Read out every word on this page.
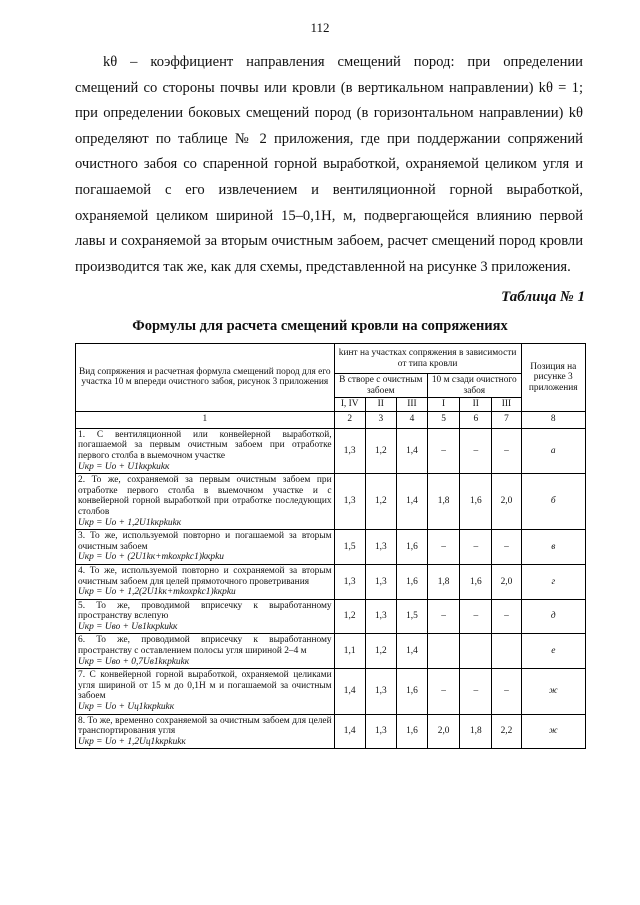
112

kθ – коэффициент направления смещений пород: при определении смещений со стороны почвы или кровли (в вертикальном направлении) kθ = 1; при определении боковых смещений пород (в горизонтальном направлении) kθ определяют по таблице № 2 приложения, где при поддержании сопряжений очистного забоя со спаренной горной выработкой, охраняемой целиком угля и погашаемой с его извлечением и вентиляционной горной выработкой, охраняемой целиком шириной 15–0,1H, м, подвергающейся влиянию первой лавы и сохраняемой за вторым очистным забоем, расчет смещений пород кровли производится так же, как для схемы, представленной на рисунке 3 приложения.

Таблица № 1
Формулы для расчета смещений кровли на сопряжениях
Вид сопряжения и расчетная формула смещений пород для его участка 10 м впереди очистного забоя, рисунок 3 приложения	kинт на участках сопряжения в зависимости от типа кровли						Позиция на рисунке 3 приложения
	В створе с очистным забоем			10 м сзади очистного забоя			
	I, IV	II	III	I	II	III	
1	2	3	4	5	6	7	8
1. С вентиляционной или конвейерной выработкой, погашаемой за первым очистным забоем при отработке первого столба в выемочном участке
Uкр = Uо + U1kкрkиkк	1,3	1,2	1,4	–	–	–	а
2. То же, сохраняемой за первым очистным забоем при отработке первого столба в выемочном участке и с конвейерной горной выработкой при отработке последующих столбов
Uкр = Uо + 1,2U1kкрkиkк	1,3	1,2	1,4	1,8	1,6	2,0	б
3. То же, используемой повторно и погашаемой за вторым очистным забоем
Uкр = Uо + (2U1kк+mkохрkс1)kкрkи	1,5	1,3	1,6	–	–	–	в
4. То же, используемой повторно и сохраняемой за вторым очистным забоем для целей прямоточного проветривания
Uкр = Uо + 1,2(2U1kк+mkохрkс1)kкрkи	1,3	1,3	1,6	1,8	1,6	2,0	г
5. То же, проводимой вприсечку к выработанному пространству вслепую
Uкр = Uво + Uв1kкрkиkк	1,2	1,3	1,5	–	–	–	д
6. То же, проводимой вприсечку к выработанному пространству с оставлением полосы угля шириной 2–4 м
Uкр = Uво + 0,7Uв1kкрkиkк	1,1	1,2	1,4				е
7. С конвейерной горной выработкой, охраняемой целиками угля шириной от 15 м до 0,1H м и погашаемой за очистным забоем
Uкр = Uо + Uц1kкрkиkк	1,4	1,3	1,6	–	–	–	ж
8. То же, временно сохраняемой за очистным забоем для целей транспортирования угля
Uкр = Uо + 1,2Uц1kкрkиkк	1,4	1,3	1,6	2,0	1,8	2,2	ж
